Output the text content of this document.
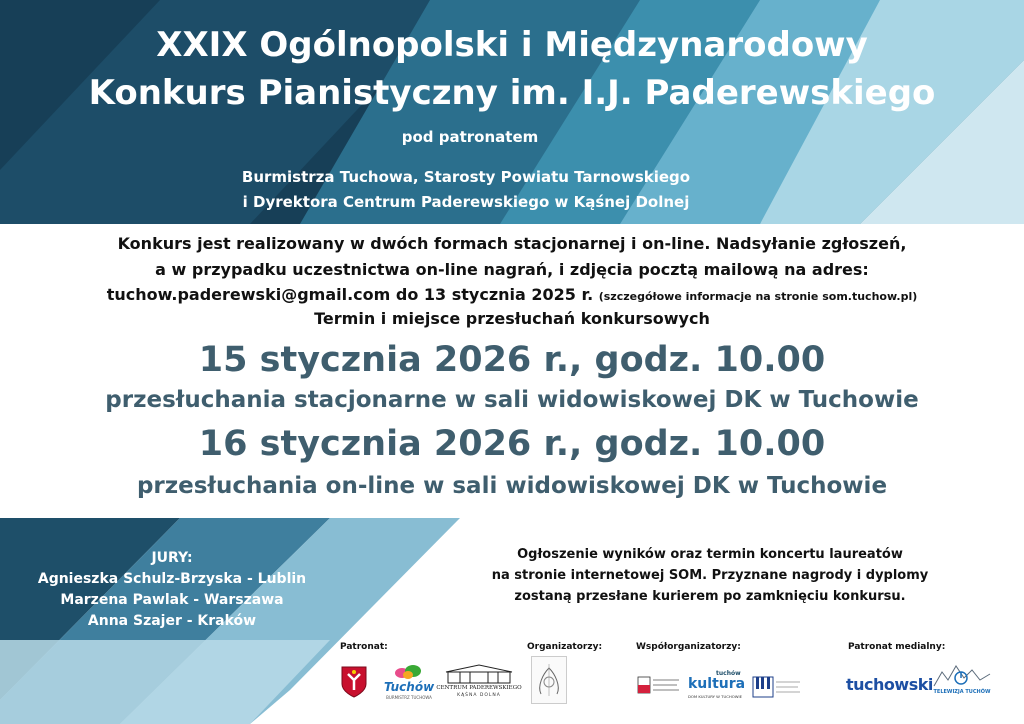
XXIX Ogólnopolski i Międzynarodowy
Konkurs Pianistyczny im. I.J. Paderewskiego
pod patronatem
Burmistrza Tuchowa, Starosty Powiatu Tarnowskiego
i Dyrektora Centrum Paderewskiego w Kąśnej Dolnej
Konkurs jest realizowany w dwóch formach stacjonarnej i on-line. Nadsyłanie zgłoszeń,
a w przypadku uczestnictwa on-line nagrań, i zdjęcia pocztą mailową na adres:
tuchow.paderewski@gmail.com do 13 stycznia 2025 r. (szczegółowe informacje na stronie som.tuchow.pl)
Termin i miejsce przesłuchań konkursowych
15 stycznia 2026 r., godz. 10.00
przesłuchania stacjonarne w sali widowiskowej DK w Tuchowie
16 stycznia 2026 r., godz. 10.00
przesłuchania on-line w sali widowiskowej DK w Tuchowie
JURY:
Agnieszka Schulz-Brzyska - Lublin
Marzena Pawlak - Warszawa
Anna Szajer - Kraków
Ogłoszenie wyników oraz termin koncertu laureatów
na stronie internetowej SOM. Przyznane nagrody i dyplomy
zostaną przesłane kurierem po zamknięciu konkursu.
Patronat:	Organizatorzy:	Współorganizatorzy:	Patronat medialny:
Tuchów
BURMISTRZ TUCHOWA
CENTRUM PADEREWSKIEGO
KĄŚNA DOLNA
tuchów
kultura
DOM KULTURY W TUCHOWIE
tuchowski TELEWIZJA TUCHÓW
